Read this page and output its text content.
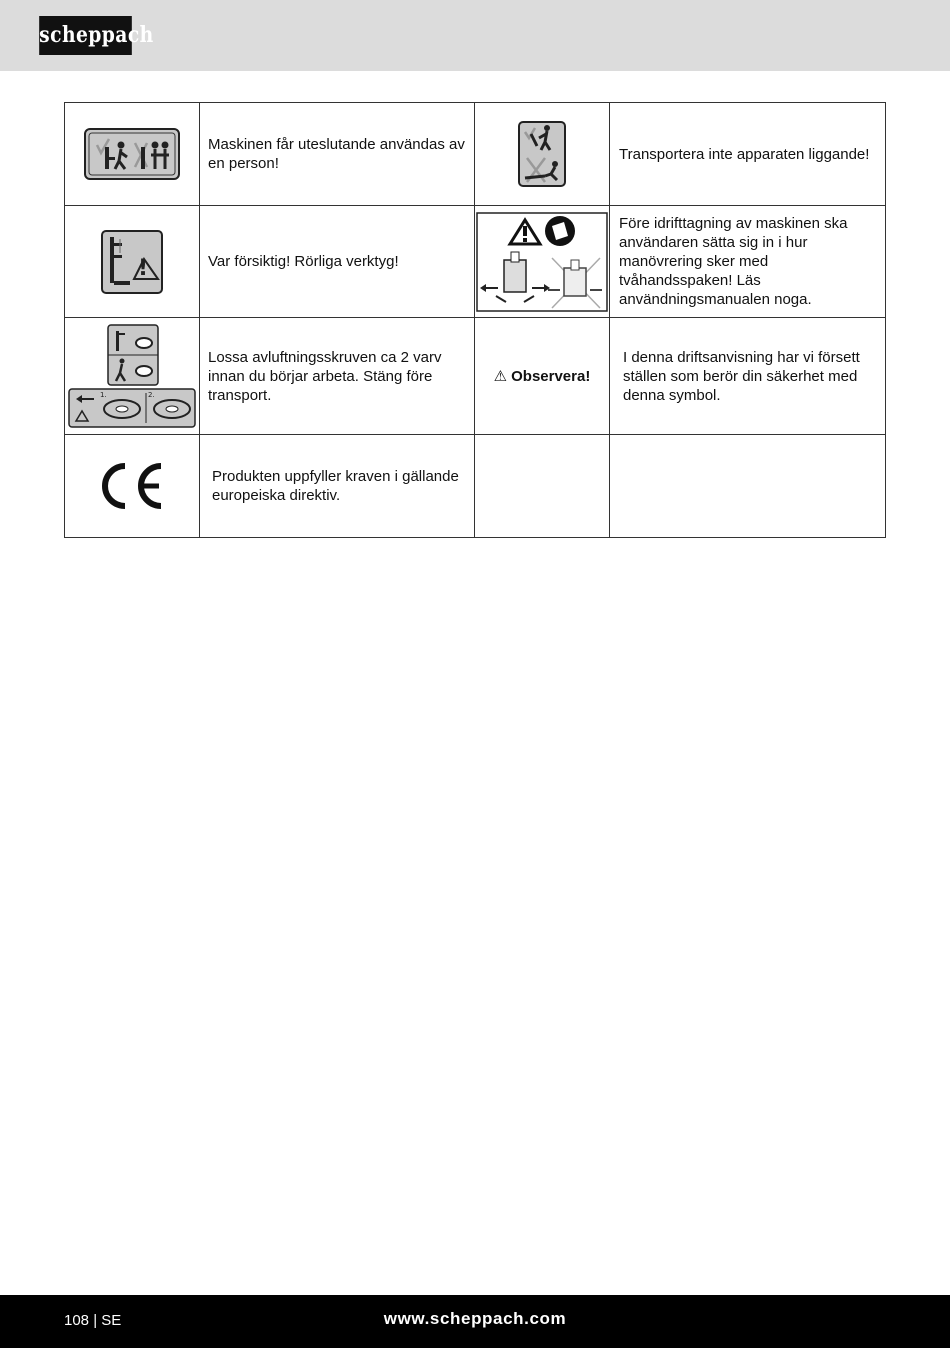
scheppach
	Maskinen får uteslutande användas av en person!		Transportera inte apparaten liggande!

!	Var försiktig! Rörliga verktyg!		Före idrifttagning av maskinen ska användaren sätta sig in i hur manövrering sker med tvåhandsspaken! Läs användningsmanualen noga.

1. 2.	Lossa avluftningsskruven ca 2 varv innan du börjar arbeta. Stäng före transport.	⚠ Observera!	I denna driftsanvisning har vi försett ställen som berör din säkerhet med denna symbol.

Produkten uppfyller kraven i gällande europeiska direktiv.		

108 | SE	www.scheppach.com
